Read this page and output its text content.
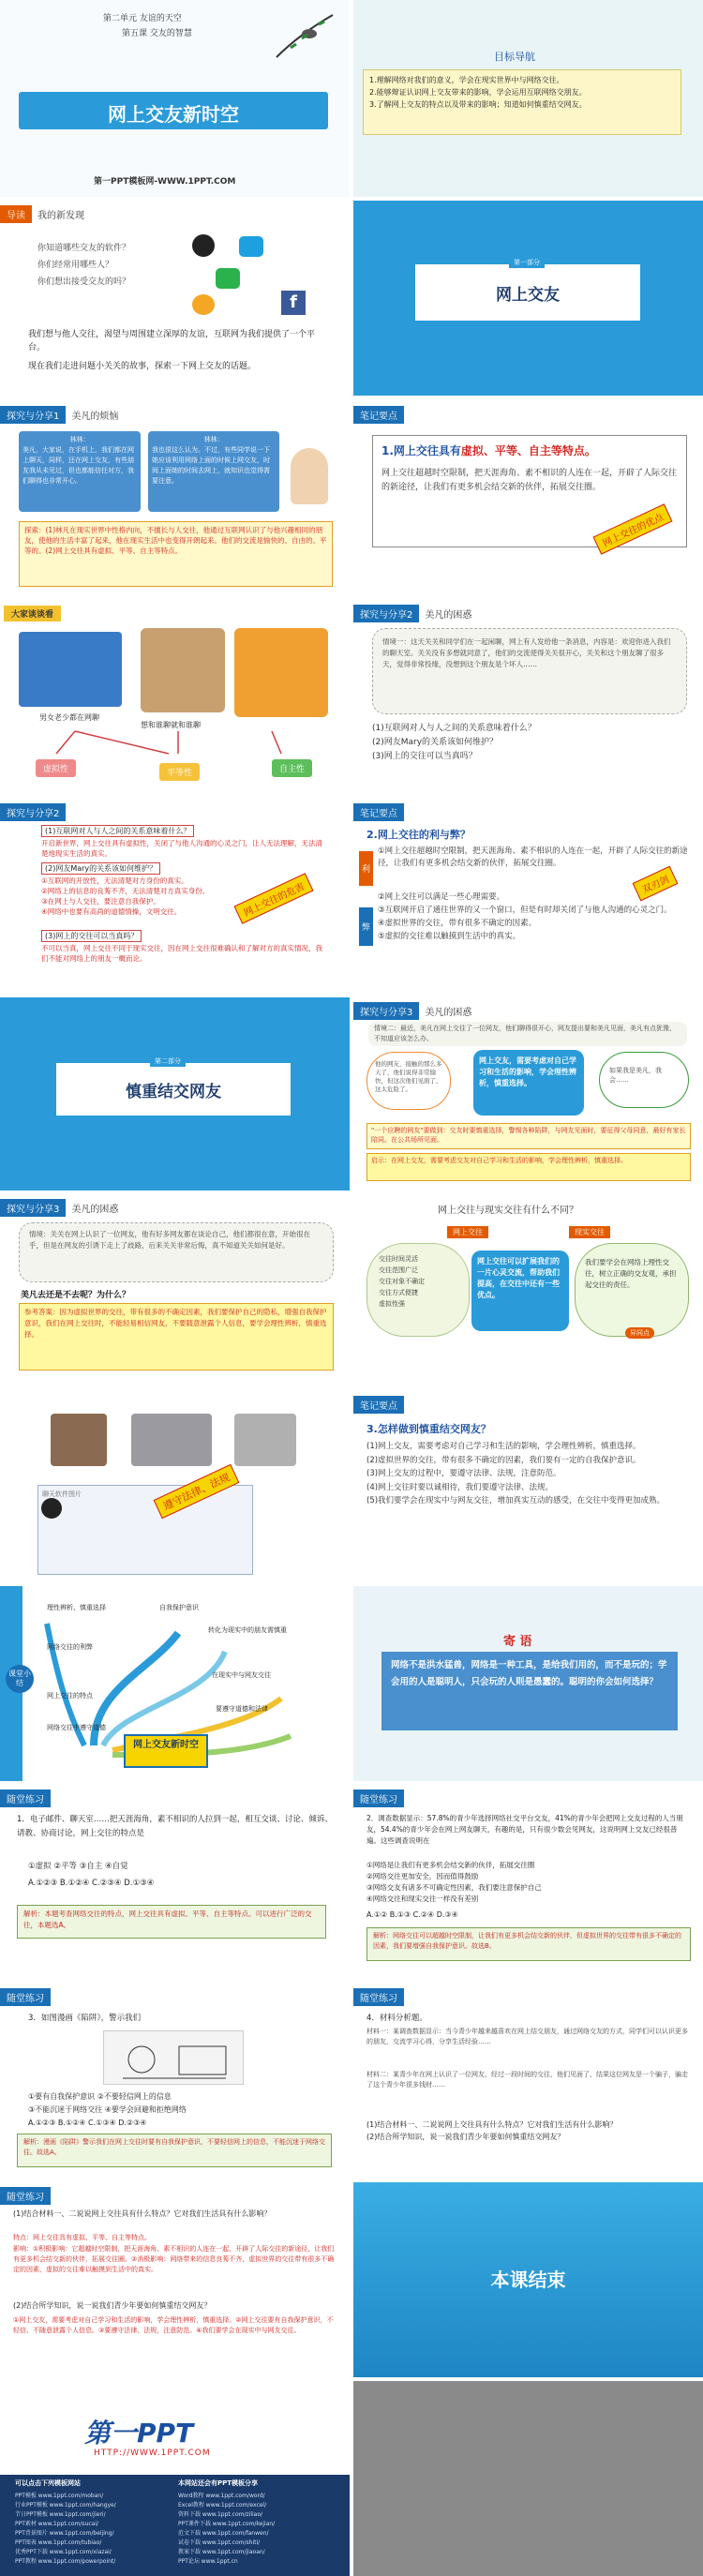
第二单元 友谊的天空
第五课 交友的智慧
网上交友新时空
第一PPT模板网-WWW.1PPT.COM
目标导航
1.理解网络对我们的意义，学会在现实世界中与网络交往。
2.能够辩证认识网上交友带来的影响，学会运用互联网络交朋友。
3.了解网上交友的特点以及带来的影响；知道如何慎重结交网友。
导读	我的新发现
你知道哪些交友的软件？
你们经常用哪些人？
你们想出接受交友的吗？
f
我们想与他人交往，渴望与周围建立深厚的友谊，互联网为我们提供了一个平台。
现在我们走进问题小关关的故事，探索一下网上交友的话题。
第一部分
网上交友
探究与分享1	美凡的烦恼
林林：
美凡，大家说，在手机上，我们都在网上聊天，同样，还在网上交友，有些朋友我从未见过，但也都能信任对方，我们聊得也非常开心。
林林：
我也很这么认为。不过，有些同学说一下她应该利用网络上面的时候上网交友，时间上面她的时间去网上，就知识也觉得需要注意。
探索：(1)林凡在现实世界中性格内向，不擅长与人交往，他通过互联网认识了与他兴趣相同的朋友，使他的生活丰富了起来，他在现实生活中也变得开朗起来。他们的交流是愉快的、自由的、平等的。(2)网上交往具有虚拟、平等、自主等特点。
笔记要点
1.网上交往具有虚拟、平等、自主等特点。
网上交往超越时空限制，把天涯海角、素不相识的人连在一起，开辟了人际交往的新途径，让我们有更多机会结交新的伙伴，拓展交往圈。
网上交往的优点
大家谈谈看
男女老少都在网聊
想和谁聊就和谁聊
虚拟性	平等性	自主性
探究与分享2	美凡的困惑
情境一：这天关关和同学们在一起闲聊，网上有人发给他一条消息，内容是：欢迎你进入我们的聊天室。关关没有多想就同意了，他们的交流使得关关很开心，关关和这个朋友聊了很多天，觉得非常投缘，没想到这个朋友是个坏人……
(1)互联网对人与人之间的关系意味着什么？
(2)网友Mary的关系该如何维护？
(3)网上的交往可以当真吗？
探究与分享2
(1)互联网对人与人之间的关系意味着什么？
开启新世界，网上交往具有虚拟性，关闭了与他人沟通的心灵之门，让人无法理解，无法清楚地现实生活的真实。
(2)网友Mary的关系该如何维护？
①互联网的开放性，无法清楚对方身份的真实。
②网络上的信息的良莠不齐，无法清楚对方真实身份。
③在网上与人交往，要注意自我保护。
④网络中也要有高尚的道德情操，文明交往。	网上交往的危害
(3)网上的交往可以当真吗？
不可以当真，网上交往不同于现实交往，因在网上交往很难确认和了解对方的真实情况，我们不能对网络上的朋友一概而论。
笔记要点
2.网上交往的利与弊？
利
弊
①网上交往超越时空限制，把天涯海角、素不相识的人连在一起，开辟了人际交往的新途径，让我们有更多机会结交新的伙伴，拓展交往圈。
②网上交往可以满足一些心理需要。
③互联网开启了通往世界的又一个窗口，但是有时却关闭了与他人沟通的心灵之门。
④虚拟世界的交往，带有很多不确定的因素。
⑤虚拟的交往难以触摸到生活中的真实。
双刃剑
第二部分
慎重结交网友
探究与分享3	美凡的困惑
情境二：最近，美凡在网上交往了一位网友，他们聊得很开心，网友提出要和美凡见面，美凡有点犹豫，不知道应该怎么办。
他的网友，接触的那么多天了，他们说得非常愉快，但这次他们见面了，这太危险了。
网上交友，需要考虑对自己学习和生活的影响，学会理性辨析，慎重选择。
如果我是美凡，我会……
"一个应聘的网友"要做到：交友时要慎重选择，警惕各种陷阱，与网友见面时，要征得父母同意，最好有家长陪同。在公共场所见面。
启示：在网上交友，需要考虑交友对自己学习和生活的影响，学会理性辨析，慎重选择。
探究与分享3	美凡的困惑
情境：关关在网上认识了一位网友，他有好多网友都在谈论自己，他们都很在意，开始很在乎，但是在网友的引诱下走上了歧路，后来关关非常后悔，真不知道关关如何是好。
美凡去还是不去呢？为什么？
参考答案：因为虚拟世界的交往，带有很多的不确定因素，我们要保护自己的隐私，增强自我保护意识，我们在网上交往时，不能轻易相信网友，不要随意泄露个人信息，要学会理性辨析，慎重选择。
网上交往与现实交往有什么不同？
网上交往	现实交往
交往时间灵活
交往范围广泛
交往对象不确定
交往方式便捷
虚拟性强
网上交往可以扩展我们的一片心灵交流，帮助我们提高，在交往中还有一些优点。
我们要学会在网络上理性交往，树立正确的交友观，承担起交往的责任。
异同点
聊天软件图片	遵守法律、法规
笔记要点
3.怎样做到慎重结交网友？
(1)网上交友，需要考虑对自己学习和生活的影响，学会理性辨析，慎重选择。
(2)虚拟世界的交往，带有很多不确定的因素，我们要有一定的自我保护意识。
(3)网上交友的过程中，要遵守法律、法规，注意防范。
(4)网上交往时要以诚相待，我们要遵守法律、法规。
(5)我们要学会在现实中与网友交往，增加真实互动的感受，在交往中变得更加成熟。
课堂小结
理性辨析、慎重选择	自我保护意识
转化为现实中的朋友需慎重
网络交往的利弊
网上交往的特点
在现实中与网友交往
网络交往中遵守道德
要遵守道德和法律
网上交友新时空
寄 语
网络不是洪水猛兽，网络是一种工具，是给我们用的，而不是玩的；学会用的人是聪明人，只会玩的人则是愚蠢的。聪明的你会如何选择？
随堂练习
1．电子邮件、聊天室……把天涯海角，素不相识的人拉到一起，相互交谈、讨论、倾诉、请教、协商讨论，网上交往的特点是
①虚拟 ②平等 ③自主 ④自觉
A.①②③ B.①②④ C.②③④ D.①③④
解析：本题考查网络交往的特点，网上交往具有虚拟、平等、自主等特点。可以进行广泛的交往，本题选A。
随堂练习
2．调查数据显示：57.8%的青少年选择网络社交平台交友，41%的青少年会把网上交友过程的人当朋友，54.4%的青少年会在网上网友聊天，有趣的是，只有很少数会见网友，这说明网上交友已经很普遍。这些调查说明在
①网络是让我们有更多机会结交新的伙伴，拓展交往圈
②网络交往更加安全，因而值得鼓励
③网络交友有诸多不可确定性因素，我们要注意保护自己
④网络交往和现实交往一样没有差别
A.①② B.①③ C.②④ D.③④
解析：网络交往可以超越时空限制，让我们有更多机会结交新的伙伴，但虚拟世界的交往带有很多不确定的因素，我们要增强自我保护意识。故选B。
随堂练习
3．如图漫画《陷阱》，警示我们
①要有自我保护意识 ②不要轻信网上的信息
③不能沉迷于网络交往 ④要学会回避和拒绝网络
A.①②③ B.①②④ C.①③④ D.②③④
解析：漫画《陷阱》警示我们在网上交往时要有自我保护意识，不要轻信网上的信息，不能沉迷于网络交往。故选A。
随堂练习
4．材料分析题。
材料一：某调查数据显示：当今青少年越来越喜欢在网上结交朋友，通过网络交友的方式，同学们可以认识更多的朋友，交流学习心得，分享生活经验……
材料二：某青少年在网上认识了一位网友，经过一段时间的交往，他们见面了，结果这位网友是一个骗子，骗走了这个青少年很多钱财……
(1)结合材料一、二说说网上交往具有什么特点？它对我们生活有什么影响？
(2)结合所学知识，说一说我们青少年要如何慎重结交网友？
随堂练习
(1)结合材料一、二说说网上交往具有什么特点？它对我们生活具有什么影响？
特点：网上交往具有虚拟、平等、自主等特点。
影响：①积极影响：它超越时空限制，把天涯海角、素不相识的人连在一起，开辟了人际交往的新途径，让我们有更多机会结交新的伙伴，拓展交往圈。②消极影响：网络带来的信息良莠不齐，虚拟世界的交往带有很多不确定的因素，虚拟的交往难以触摸到生活中的真实。
(2)结合所学知识，说一说我们青少年要如何慎重结交网友？
①网上交友，需要考虑对自己学习和生活的影响，学会理性辨析，慎重选择。②网上交往要有自我保护意识，不轻信、不随意泄露个人信息。③要遵守法律、法规，注意防范。④我们要学会在现实中与网友交往。
本课结束
第一PPT
HTTP://WWW.1PPT.COM
可以点击下列模板网站	本网站还会有PPT模板分享
PPT模板 www.1ppt.com/moban/
行业PPT模板 www.1ppt.com/hangye/
节日PPT模板 www.1ppt.com/jieri/
PPT素材 www.1ppt.com/sucai/
PPT背景图片 www.1ppt.com/beijing/
PPT图表 www.1ppt.com/tubiao/
优秀PPT下载 www.1ppt.com/xiazai/
PPT教程 www.1ppt.com/powerpoint/
Word教程 www.1ppt.com/word/
Excel教程 www.1ppt.com/excel/
资料下载 www.1ppt.com/ziliao/
PPT课件下载 www.1ppt.com/kejian/
范文下载 www.1ppt.com/fanwen/
试卷下载 www.1ppt.com/shiti/
教案下载 www.1ppt.com/jiaoan/
PPT论坛 www.1ppt.cn
